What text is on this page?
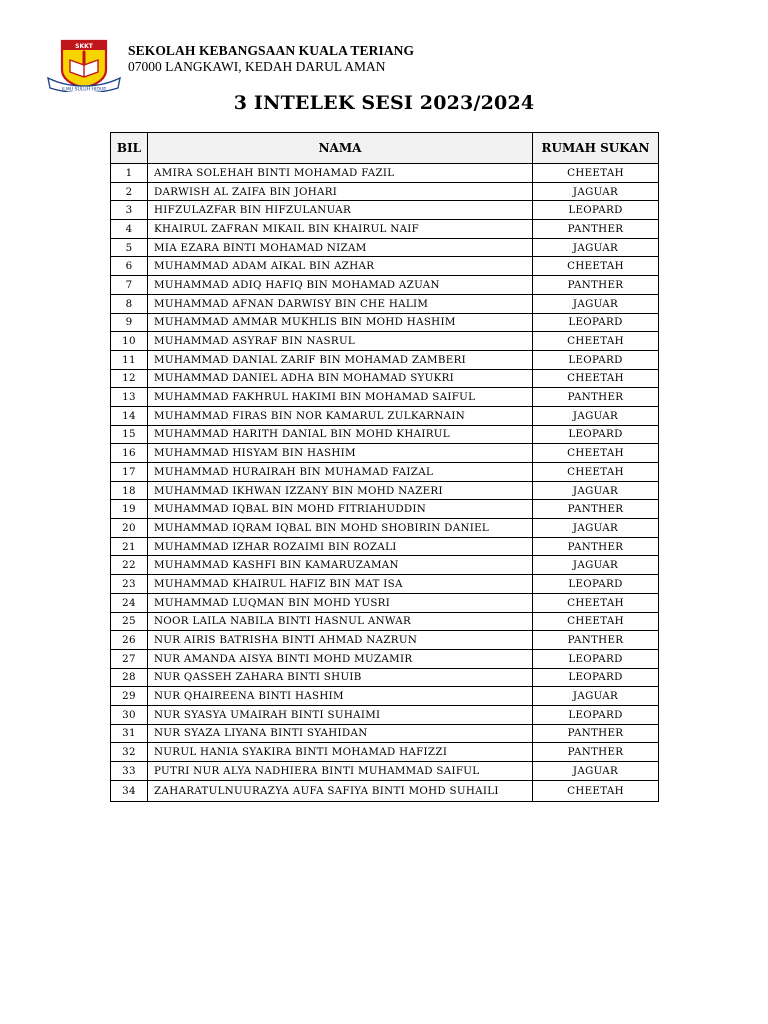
SKKT
ILMU SULUH HIDUP
SEKOLAH KEBANGSAAN KUALA TERIANG
07000 LANGKAWI, KEDAH DARUL AMAN
3 INTELEK SESI 2023/2024
BIL	NAMA	RUMAH SUKAN
1	AMIRA SOLEHAH BINTI MOHAMAD FAZIL	CHEETAH
2	DARWISH AL ZAIFA BIN JOHARI	JAGUAR
3	HIFZULAZFAR BIN HIFZULANUAR	LEOPARD
4	KHAIRUL ZAFRAN MIKAIL BIN KHAIRUL NAIF	PANTHER
5	MIA EZARA BINTI MOHAMAD NIZAM	JAGUAR
6	MUHAMMAD ADAM AIKAL BIN AZHAR	CHEETAH
7	MUHAMMAD ADIQ HAFIQ BIN MOHAMAD AZUAN	PANTHER
8	MUHAMMAD AFNAN DARWISY BIN CHE HALIM	JAGUAR
9	MUHAMMAD AMMAR MUKHLIS BIN MOHD HASHIM	LEOPARD
10	MUHAMMAD ASYRAF BIN NASRUL	CHEETAH
11	MUHAMMAD DANIAL ZARIF BIN MOHAMAD ZAMBERI	LEOPARD
12	MUHAMMAD DANIEL ADHA BIN MOHAMAD SYUKRI	CHEETAH
13	MUHAMMAD FAKHRUL HAKIMI BIN MOHAMAD SAIFUL	PANTHER
14	MUHAMMAD FIRAS BIN NOR KAMARUL ZULKARNAIN	JAGUAR
15	MUHAMMAD HARITH DANIAL BIN MOHD KHAIRUL	LEOPARD
16	MUHAMMAD HISYAM BIN HASHIM	CHEETAH
17	MUHAMMAD HURAIRAH BIN MUHAMAD FAIZAL	CHEETAH
18	MUHAMMAD IKHWAN IZZANY BIN MOHD NAZERI	JAGUAR
19	MUHAMMAD IQBAL BIN MOHD FITRIAHUDDIN	PANTHER
20	MUHAMMAD IQRAM IQBAL BIN MOHD SHOBIRIN DANIEL	JAGUAR
21	MUHAMMAD IZHAR ROZAIMI BIN ROZALI	PANTHER
22	MUHAMMAD KASHFI BIN KAMARUZAMAN	JAGUAR
23	MUHAMMAD KHAIRUL HAFIZ BIN MAT ISA	LEOPARD
24	MUHAMMAD LUQMAN BIN MOHD YUSRI	CHEETAH
25	NOOR LAILA NABILA BINTI HASNUL ANWAR	CHEETAH
26	NUR AIRIS BATRISHA BINTI AHMAD NAZRUN	PANTHER
27	NUR AMANDA AISYA BINTI MOHD MUZAMIR	LEOPARD
28	NUR QASSEH ZAHARA BINTI SHUIB	LEOPARD
29	NUR QHAIREENA BINTI HASHIM	JAGUAR
30	NUR SYASYA UMAIRAH BINTI SUHAIMI	LEOPARD
31	NUR SYAZA LIYANA BINTI SYAHIDAN	PANTHER
32	NURUL HANIA SYAKIRA BINTI MOHAMAD HAFIZZI	PANTHER
33	PUTRI NUR ALYA NADHIERA BINTI MUHAMMAD SAIFUL	JAGUAR
34	ZAHARATULNUURAZYA AUFA SAFIYA BINTI MOHD SUHAILI	CHEETAH
